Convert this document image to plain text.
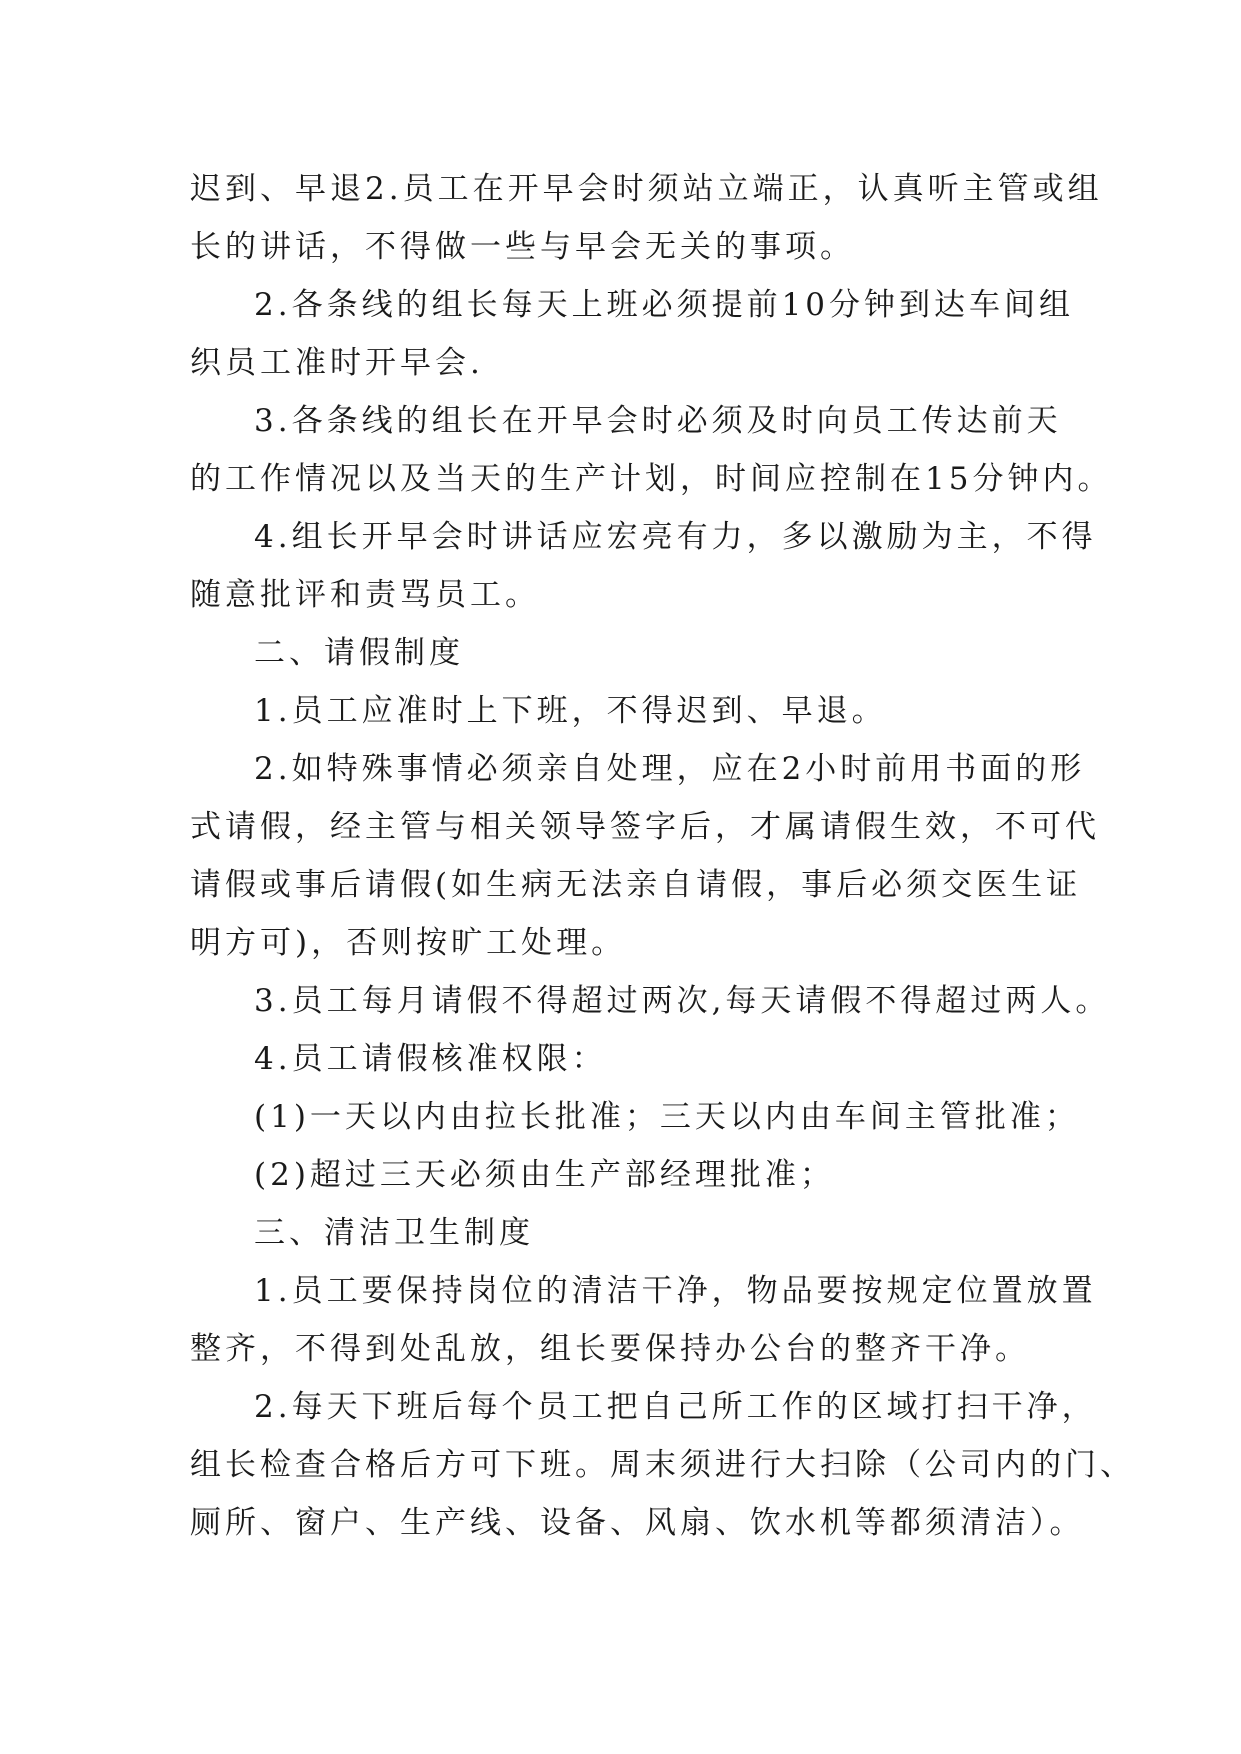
迟到、早退2.员工在开早会时须站立端正，认真听主管或组
长的讲话，不得做一些与早会无关的事项。
2.各条线的组长每天上班必须提前10分钟到达车间组
织员工准时开早会.
3.各条线的组长在开早会时必须及时向员工传达前天
的工作情况以及当天的生产计划，时间应控制在15分钟内。
4.组长开早会时讲话应宏亮有力，多以激励为主，不得
随意批评和责骂员工。
二、请假制度
1.员工应准时上下班，不得迟到、早退。
2.如特殊事情必须亲自处理，应在2小时前用书面的形
式请假，经主管与相关领导签字后，才属请假生效，不可代
请假或事后请假(如生病无法亲自请假，事后必须交医生证
明方可)，否则按旷工处理。
3.员工每月请假不得超过两次,每天请假不得超过两人。
4.员工请假核准权限：
(1)一天以内由拉长批准；三天以内由车间主管批准；
(2)超过三天必须由生产部经理批准；
三、清洁卫生制度
1.员工要保持岗位的清洁干净，物品要按规定位置放置
整齐，不得到处乱放，组长要保持办公台的整齐干净。
2.每天下班后每个员工把自己所工作的区域打扫干净，
组长检查合格后方可下班。周末须进行大扫除（公司内的门、
厕所、窗户、生产线、设备、风扇、饮水机等都须清洁）。
